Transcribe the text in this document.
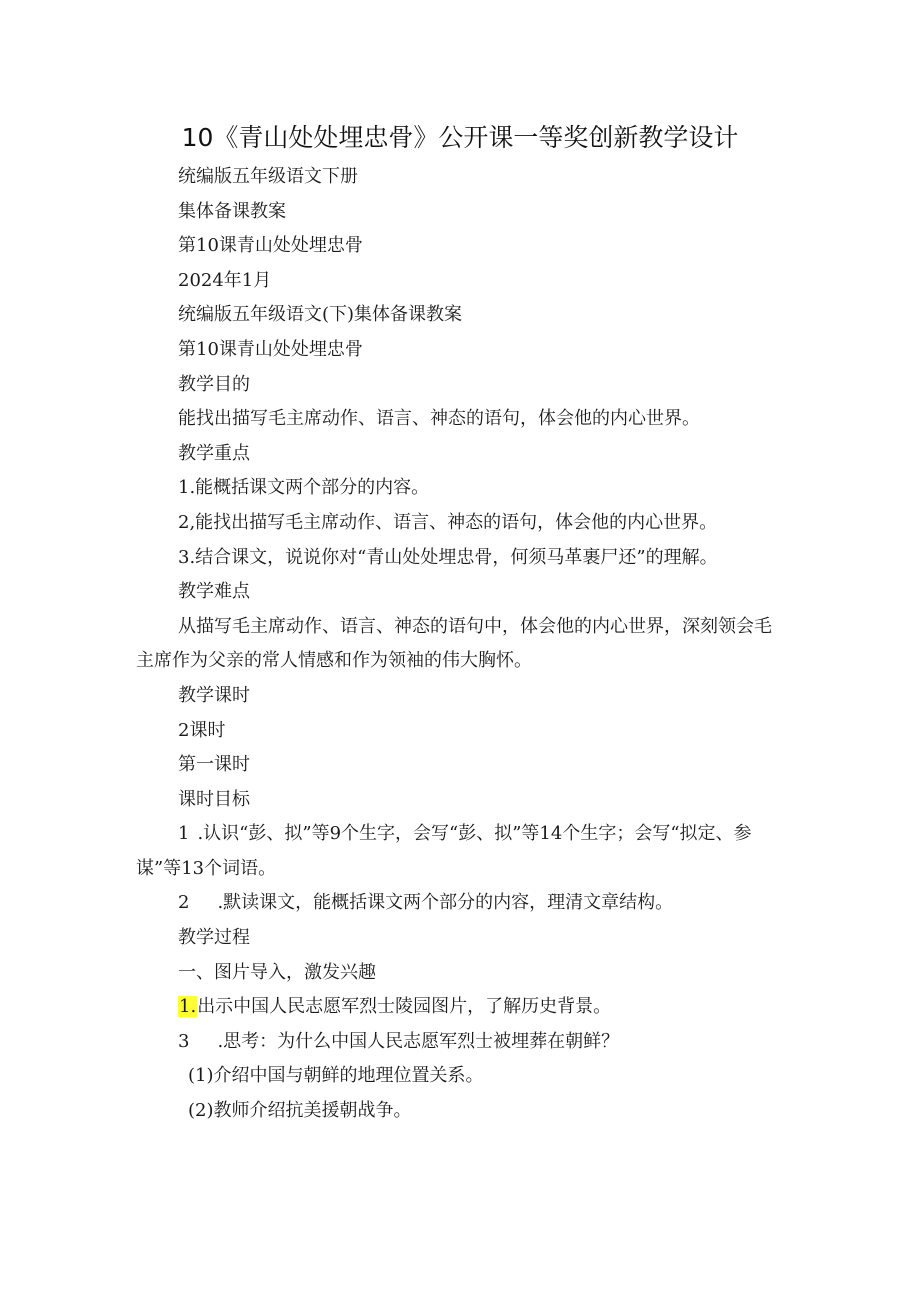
10《青山处处埋忠骨》公开课一等奖创新教学设计

统编版五年级语文下册

集体备课教案

第10课青山处处埋忠骨

2024年1月

统编版五年级语文(下)集体备课教案

第10课青山处处埋忠骨

教学目的

能找出描写毛主席动作、语言、神态的语句，体会他的内心世界。

教学重点

1.能概括课文两个部分的内容。

2,能找出描写毛主席动作、语言、神态的语句，体会他的内心世界。

3.结合课文，说说你对“青山处处埋忠骨，何须马革裹尸还”的理解。

教学难点

从描写毛主席动作、语言、神态的语句中，体会他的内心世界，深刻领会毛主席作为父亲的常人情感和作为领袖的伟大胸怀。

教学课时

2课时

第一课时

课时目标

1 .认识“彭、拟”等9个生字，会写“彭、拟”等14个生字；会写“拟定、参谋”等13个词语。

2 .默读课文，能概括课文两个部分的内容，理清文章结构。

教学过程

一、图片导入，激发兴趣

1.出示中国人民志愿军烈士陵园图片，了解历史背景。

3 .思考：为什么中国人民志愿军烈士被埋葬在朝鲜？

(1)介绍中国与朝鲜的地理位置关系。

(2)教师介绍抗美援朝战争。
